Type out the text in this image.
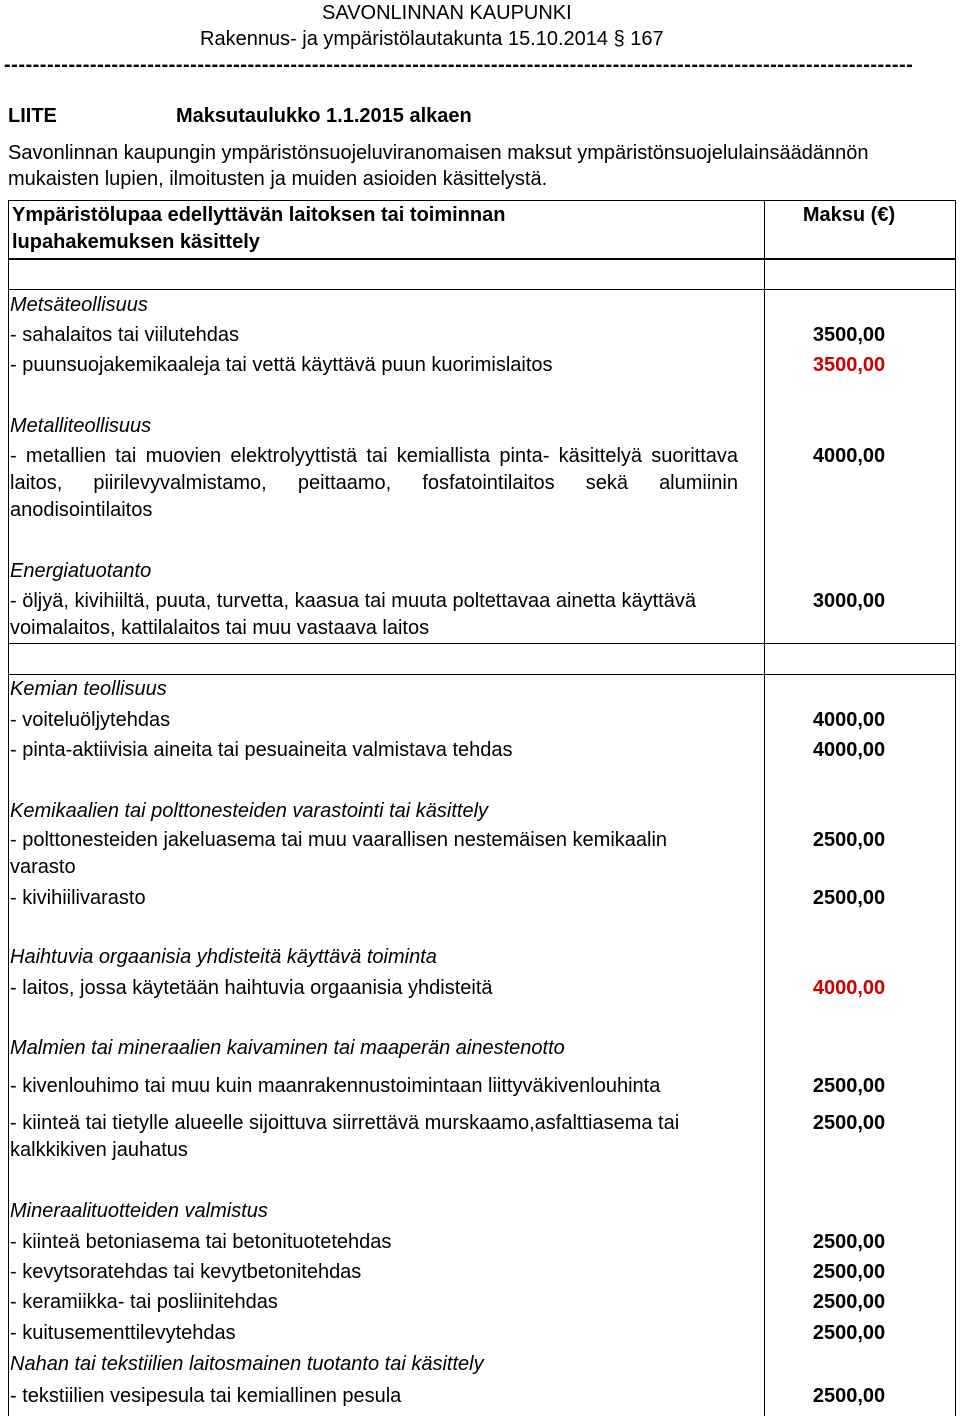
SAVONLINNAN KAUPUNKI
Rakennus- ja ympäristölautakunta 15.10.2014 § 167
-------------------------------------------------------------------------------------------------------------------------------
LIITE	Maksutaulukko 1.1.2015 alkaen
Savonlinnan kaupungin ympäristönsuojeluviranomaisen maksut ympäristönsuojelulainsäädännön
mukaisten lupien, ilmoitusten ja muiden asioiden käsittelystä.
Ympäristölupaa edellyttävän laitoksen tai toiminnan
lupahakemuksen käsittely
Maksu (€)
Metsäteollisuus
- sahalaitos tai viilutehdas	3500,00
- puunsuojakemikaaleja tai vettä käyttävä puun kuorimislaitos	3500,00
Metalliteollisuus
- metallien tai muovien elektrolyyttistä tai kemiallista pinta- käsittelyä suorittava laitos, piirilevyvalmistamo, peittaamo, fosfatointilaitos sekä alumiinin anodisointilaitos
4000,00
Energiatuotanto
- öljyä, kivihiiltä, puuta, turvetta, kaasua tai muuta poltettavaa ainetta käyttävä voimalaitos, kattilalaitos tai muu vastaava laitos
3000,00
Kemian teollisuus
- voiteluöljytehdas	4000,00
- pinta-aktiivisia aineita tai pesuaineita valmistava tehdas	4000,00
Kemikaalien tai polttonesteiden varastointi tai käsittely
- polttonesteiden jakeluasema tai muu vaarallisen nestemäisen kemikaalin varasto
2500,00
- kivihiilivarasto	2500,00
Haihtuvia orgaanisia yhdisteitä käyttävä toiminta
- laitos, jossa käytetään haihtuvia orgaanisia yhdisteitä	4000,00
Malmien tai mineraalien kaivaminen tai maaperän ainestenotto
- kivenlouhimo tai muu kuin maanrakennustoimintaan liittyväkivenlouhinta	2500,00
- kiinteä tai tietylle alueelle sijoittuva siirrettävä murskaamo,asfalttiasema tai kalkkikiven jauhatus
2500,00
Mineraalituotteiden valmistus
- kiinteä betoniasema tai betonituotetehdas	2500,00
- kevytsoratehdas tai kevytbetonitehdas	2500,00
- keramiikka- tai posliinitehdas	2500,00
- kuitusementtilevytehdas	2500,00
Nahan tai tekstiilien laitosmainen tuotanto tai käsittely
- tekstiilien vesipesula tai kemiallinen pesula	2500,00
